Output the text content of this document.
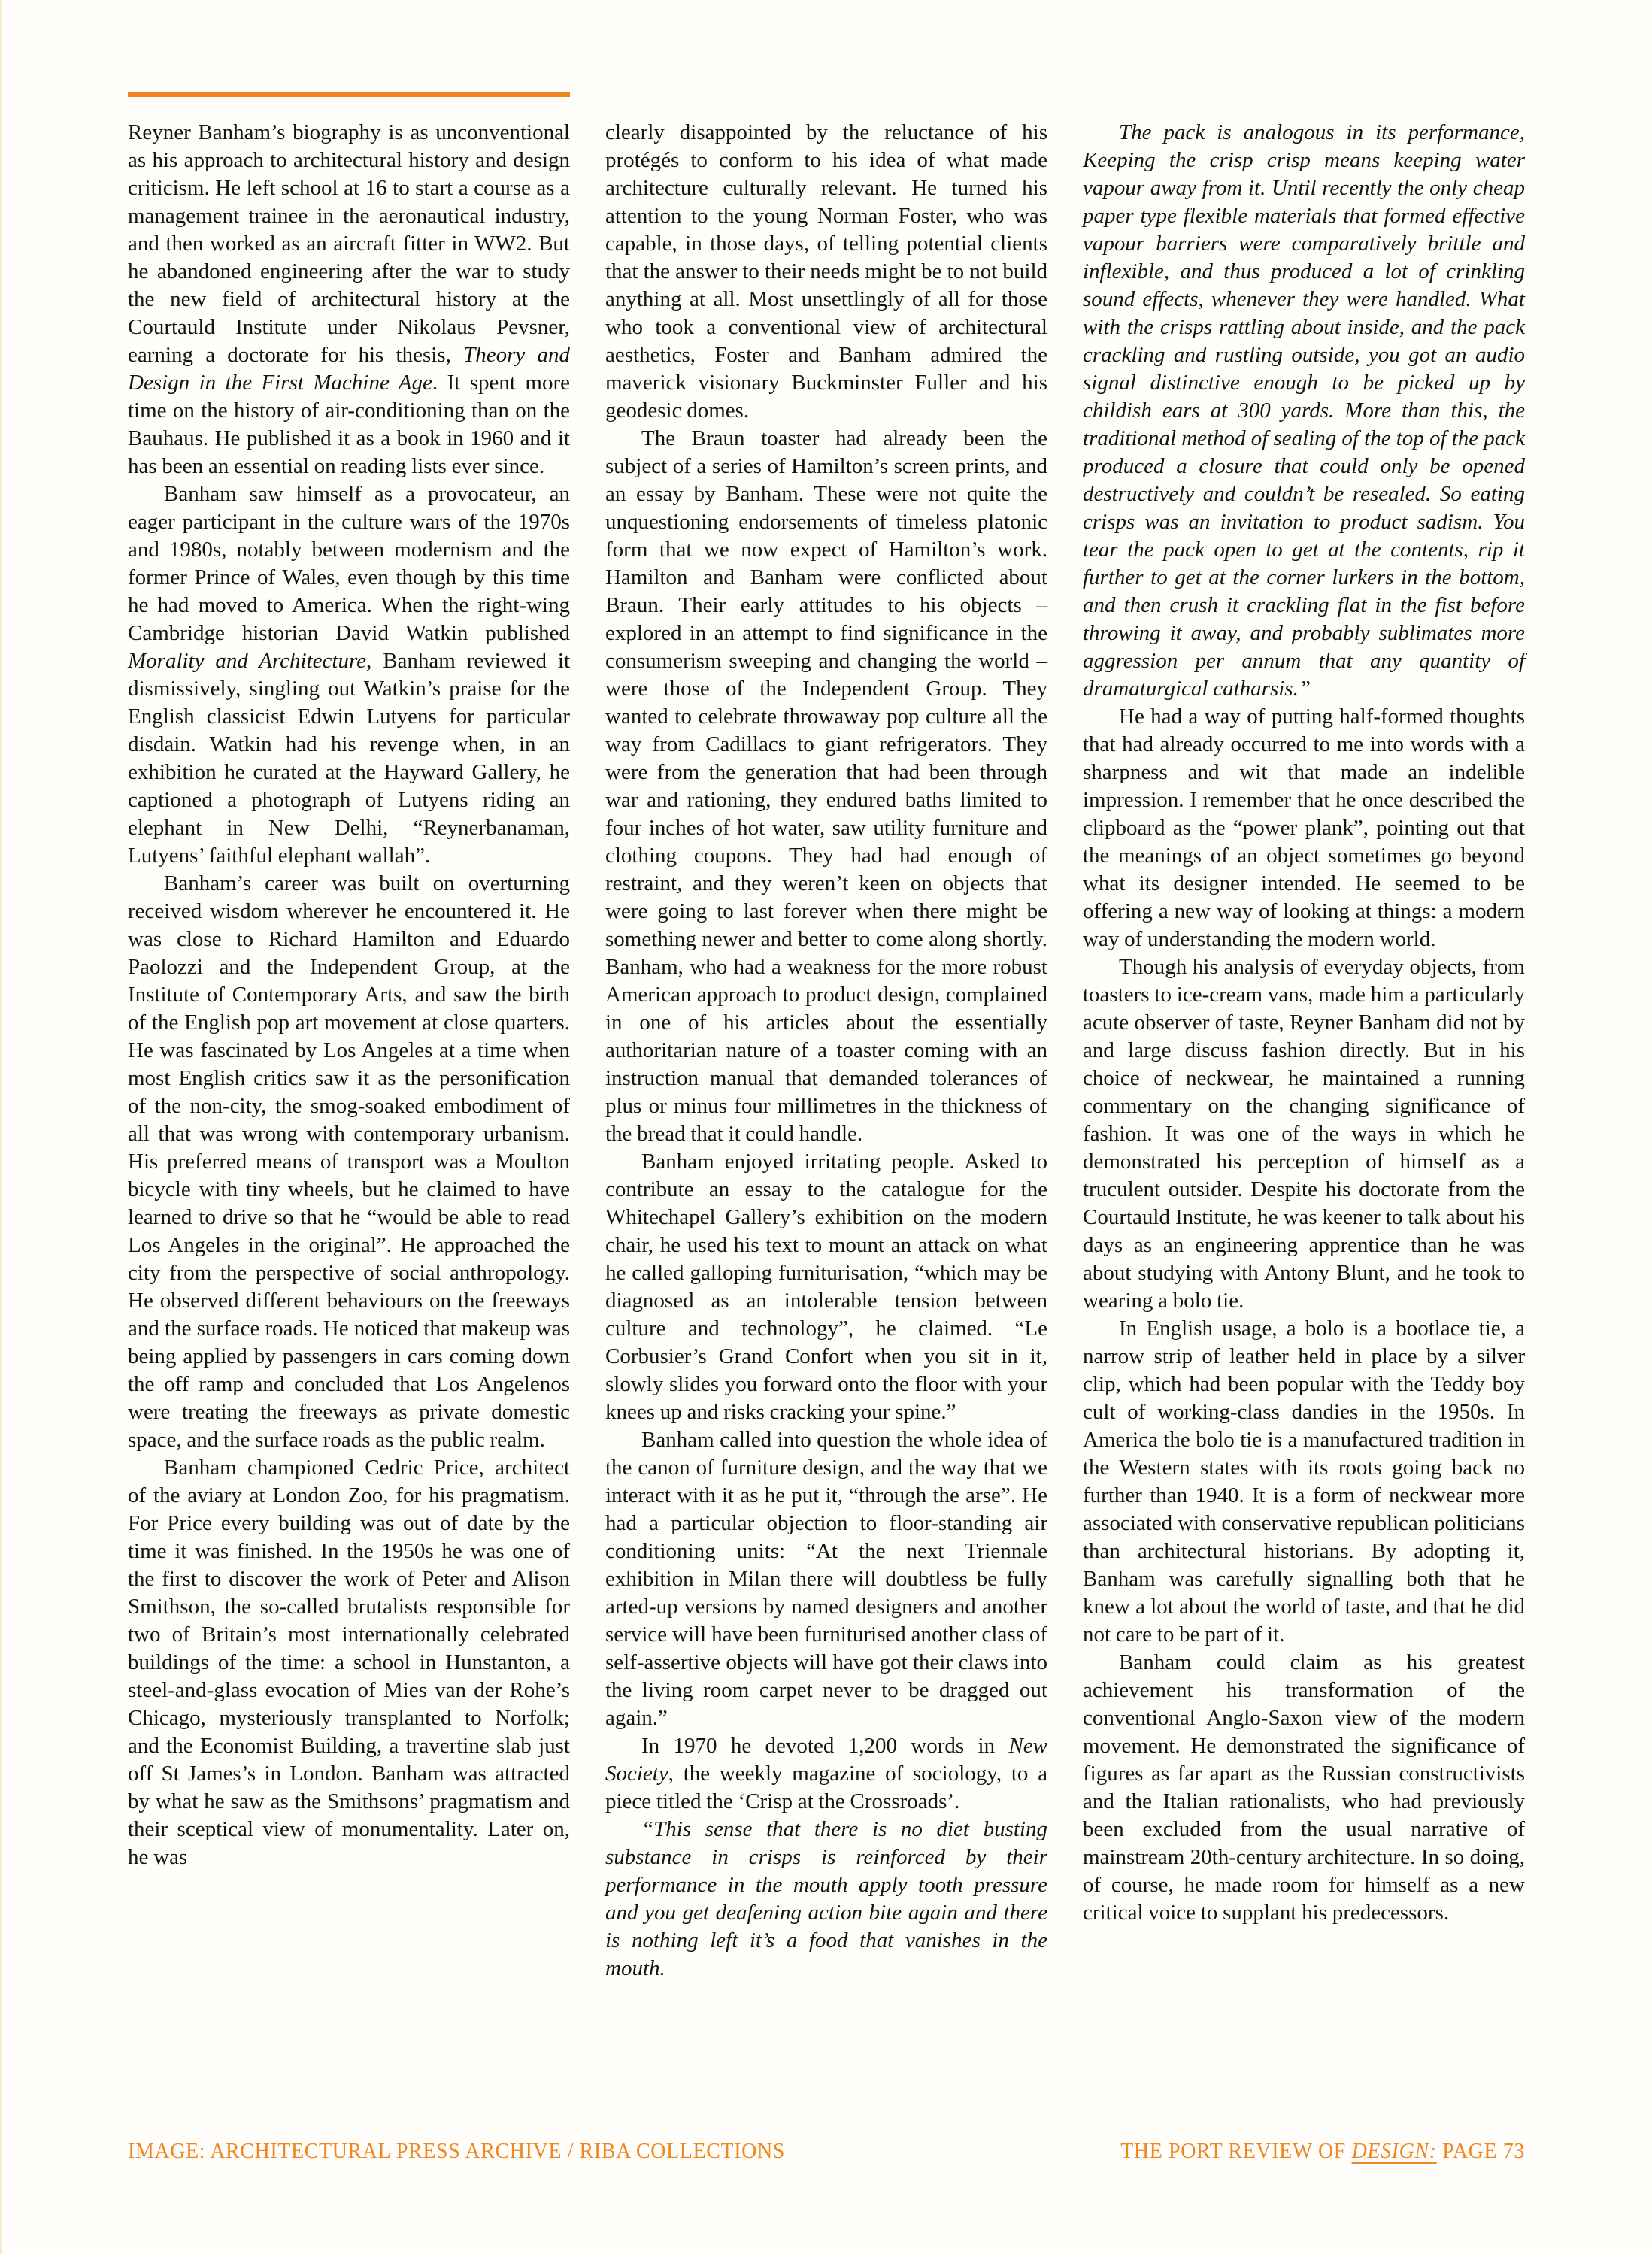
Reyner Banham’s biography is as unconventional as his approach to architectural history and design criticism. He left school at 16 to start a course as a management trainee in the aeronautical industry, and then worked as an aircraft fitter in WW2. But he abandoned engineering after the war to study the new field of architectural history at the Courtauld Institute under Nikolaus Pevsner, earning a doctorate for his thesis, Theory and Design in the First Machine Age. It spent more time on the history of air-conditioning than on the Bauhaus. He published it as a book in 1960 and it has been an essential on reading lists ever since.

Banham saw himself as a provocateur, an eager participant in the culture wars of the 1970s and 1980s, notably between modernism and the former Prince of Wales, even though by this time he had moved to America. When the right-wing Cambridge historian David Watkin published Morality and Architecture, Banham reviewed it dismissively, singling out Watkin’s praise for the English classicist Edwin Lutyens for particular disdain. Watkin had his revenge when, in an exhibition he curated at the Hayward Gallery, he captioned a photograph of Lutyens riding an elephant in New Delhi, “Reynerbanaman, Lutyens’ faithful elephant wallah”.

Banham’s career was built on overturning received wisdom wherever he encountered it. He was close to Richard Hamilton and Eduardo Paolozzi and the Independent Group, at the Institute of Contemporary Arts, and saw the birth of the English pop art movement at close quarters. He was fascinated by Los Angeles at a time when most English critics saw it as the personification of the non-city, the smog-soaked embodiment of all that was wrong with contemporary urbanism. His preferred means of transport was a Moulton bicycle with tiny wheels, but he claimed to have learned to drive so that he “would be able to read Los Angeles in the original”. He approached the city from the perspective of social anthropology. He observed different behaviours on the freeways and the surface roads. He noticed that makeup was being applied by passengers in cars coming down the off ramp and concluded that Los Angelenos were treating the freeways as private domestic space, and the surface roads as the public realm.

Banham championed Cedric Price, architect of the aviary at London Zoo, for his pragmatism. For Price every building was out of date by the time it was finished. In the 1950s he was one of the first to discover the work of Peter and Alison Smithson, the so-called brutalists responsible for two of Britain’s most internationally celebrated buildings of the time: a school in Hunstanton, a steel-and-glass evocation of Mies van der Rohe’s Chicago, mysteriously transplanted to Norfolk; and the Economist Building, a travertine slab just off St James’s in London. Banham was attracted by what he saw as the Smithsons’ pragmatism and their sceptical view of monumentality. Later on, he was

clearly disappointed by the reluctance of his protégés to conform to his idea of what made architecture culturally relevant. He turned his attention to the young Norman Foster, who was capable, in those days, of telling potential clients that the answer to their needs might be to not build anything at all. Most unsettlingly of all for those who took a conventional view of architectural aesthetics, Foster and Banham admired the maverick visionary Buckminster Fuller and his geodesic domes.

The Braun toaster had already been the subject of a series of Hamilton’s screen prints, and an essay by Banham. These were not quite the unquestioning endorsements of timeless platonic form that we now expect of Hamilton’s work. Hamilton and Banham were conflicted about Braun. Their early attitudes to his objects – explored in an attempt to find significance in the consumerism sweeping and changing the world – were those of the Independent Group. They wanted to celebrate throwaway pop culture all the way from Cadillacs to giant refrigerators. They were from the generation that had been through war and rationing, they endured baths limited to four inches of hot water, saw utility furniture and clothing coupons. They had had enough of restraint, and they weren’t keen on objects that were going to last forever when there might be something newer and better to come along shortly. Banham, who had a weakness for the more robust American approach to product design, complained in one of his articles about the essentially authoritarian nature of a toaster coming with an instruction manual that demanded tolerances of plus or minus four millimetres in the thickness of the bread that it could handle.

Banham enjoyed irritating people. Asked to contribute an essay to the catalogue for the Whitechapel Gallery’s exhibition on the modern chair, he used his text to mount an attack on what he called galloping furniturisation, “which may be diagnosed as an intolerable tension between culture and technology”, he claimed. “Le Corbusier’s Grand Confort when you sit in it, slowly slides you forward onto the floor with your knees up and risks cracking your spine.”

Banham called into question the whole idea of the canon of furniture design, and the way that we interact with it as he put it, “through the arse”. He had a particular objection to floor-standing air conditioning units: “At the next Triennale exhibition in Milan there will doubtless be fully arted-up versions by named designers and another service will have been furniturised another class of self-assertive objects will have got their claws into the living room carpet never to be dragged out again.”

In 1970 he devoted 1,200 words in New Society, the weekly magazine of sociology, to a piece titled the ‘Crisp at the Crossroads’.

“This sense that there is no diet busting substance in crisps is reinforced by their performance in the mouth apply tooth pressure and you get deafening action bite again and there is nothing left it’s a food that vanishes in the mouth.

The pack is analogous in its performance, Keeping the crisp crisp means keeping water vapour away from it. Until recently the only cheap paper type flexible materials that formed effective vapour barriers were comparatively brittle and inflexible, and thus produced a lot of crinkling sound effects, whenever they were handled. What with the crisps rattling about inside, and the pack crackling and rustling outside, you got an audio signal distinctive enough to be picked up by childish ears at 300 yards. More than this, the traditional method of sealing of the top of the pack produced a closure that could only be opened destructively and couldn’t be resealed. So eating crisps was an invitation to product sadism. You tear the pack open to get at the contents, rip it further to get at the corner lurkers in the bottom, and then crush it crackling flat in the fist before throwing it away, and probably sublimates more aggression per annum that any quantity of dramaturgical catharsis.”

He had a way of putting half-formed thoughts that had already occurred to me into words with a sharpness and wit that made an indelible impression. I remember that he once described the clipboard as the “power plank”, pointing out that the meanings of an object sometimes go beyond what its designer intended. He seemed to be offering a new way of looking at things: a modern way of understanding the modern world.

Though his analysis of everyday objects, from toasters to ice-cream vans, made him a particularly acute observer of taste, Reyner Banham did not by and large discuss fashion directly. But in his choice of neckwear, he maintained a running commentary on the changing significance of fashion. It was one of the ways in which he demonstrated his perception of himself as a truculent outsider. Despite his doctorate from the Courtauld Institute, he was keener to talk about his days as an engineering apprentice than he was about studying with Antony Blunt, and he took to wearing a bolo tie.

In English usage, a bolo is a bootlace tie, a narrow strip of leather held in place by a silver clip, which had been popular with the Teddy boy cult of working-class dandies in the 1950s. In America the bolo tie is a manufactured tradition in the Western states with its roots going back no further than 1940. It is a form of neckwear more associated with conservative republican politicians than architectural historians. By adopting it, Banham was carefully signalling both that he knew a lot about the world of taste, and that he did not care to be part of it.

Banham could claim as his greatest achievement his transformation of the conventional Anglo-Saxon view of the modern movement. He demonstrated the significance of figures as far apart as the Russian constructivists and the Italian rationalists, who had previously been excluded from the usual narrative of mainstream 20th-century architecture. In so doing, of course, he made room for himself as a new critical voice to supplant his predecessors.

IMAGE: ARCHITECTURAL PRESS ARCHIVE / RIBA COLLECTIONS	THE PORT REVIEW OF DESIGN: PAGE 73
